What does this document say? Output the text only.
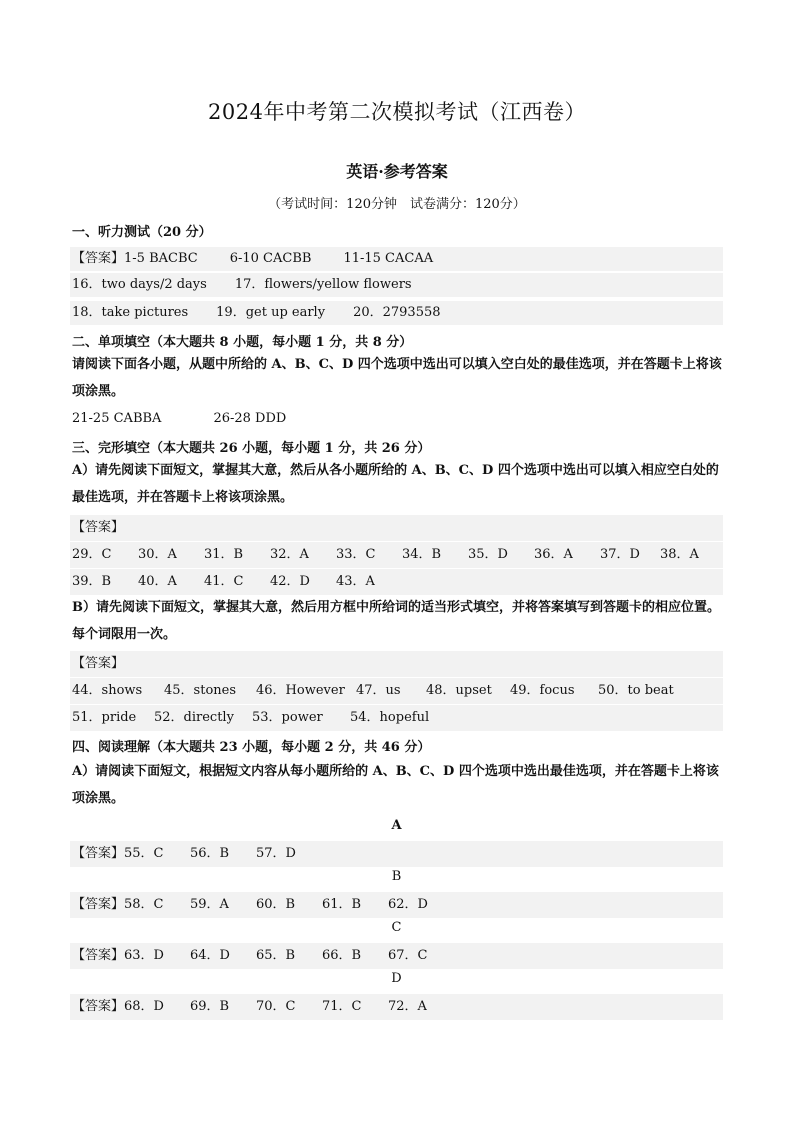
2024年中考第二次模拟考试（江西卷）
英语·参考答案
（考试时间：120分钟　试卷满分：120分）
一、听力测试（20 分）
【答案】1-5 BACBC 6-10 CACBB 11-15 CACAA
16．two days/2 days 17．flowers/yellow flowers
18．take pictures 19．get up early 20．2793558
二、单项填空（本大题共 8 小题，每小题 1 分，共 8 分）
请阅读下面各小题，从题中所给的 A、B、C、D 四个选项中选出可以填入空白处的最佳选项，并在答题卡上将该项涂黑。
21-25 CABBA	26-28 DDD
三、完形填空（本大题共 26 小题，每小题 1 分，共 26 分）
A）请先阅读下面短文，掌握其大意，然后从各小题所给的 A、B、C、D 四个选项中选出可以填入相应空白处的最佳选项，并在答题卡上将该项涂黑。
【答案】
29．C 30．A 31．B 32．A 33．C 34．B 35．D 36．A 37．D 38．A
39．B 40．A 41．C 42．D 43．A
B）请先阅读下面短文，掌握其大意，然后用方框中所给词的适当形式填空，并将答案填写到答题卡的相应位置。每个词限用一次。
【答案】
44．shows 45．stones 46．However 47．us 48．upset 49．focus 50．to beat
51．pride 52．directly 53．power 54．hopeful
四、阅读理解（本大题共 23 小题，每小题 2 分，共 46 分）
A）请阅读下面短文，根据短文内容从每小题所给的 A、B、C、D 四个选项中选出最佳选项，并在答题卡上将该项涂黑。
A
【答案】55．C 56．B 57．D
B
【答案】58．C 59．A 60．B 61．B 62．D
C
【答案】63．D 64．D 65．B 66．B 67．C
D
【答案】68．D 69．B 70．C 71．C 72．A
